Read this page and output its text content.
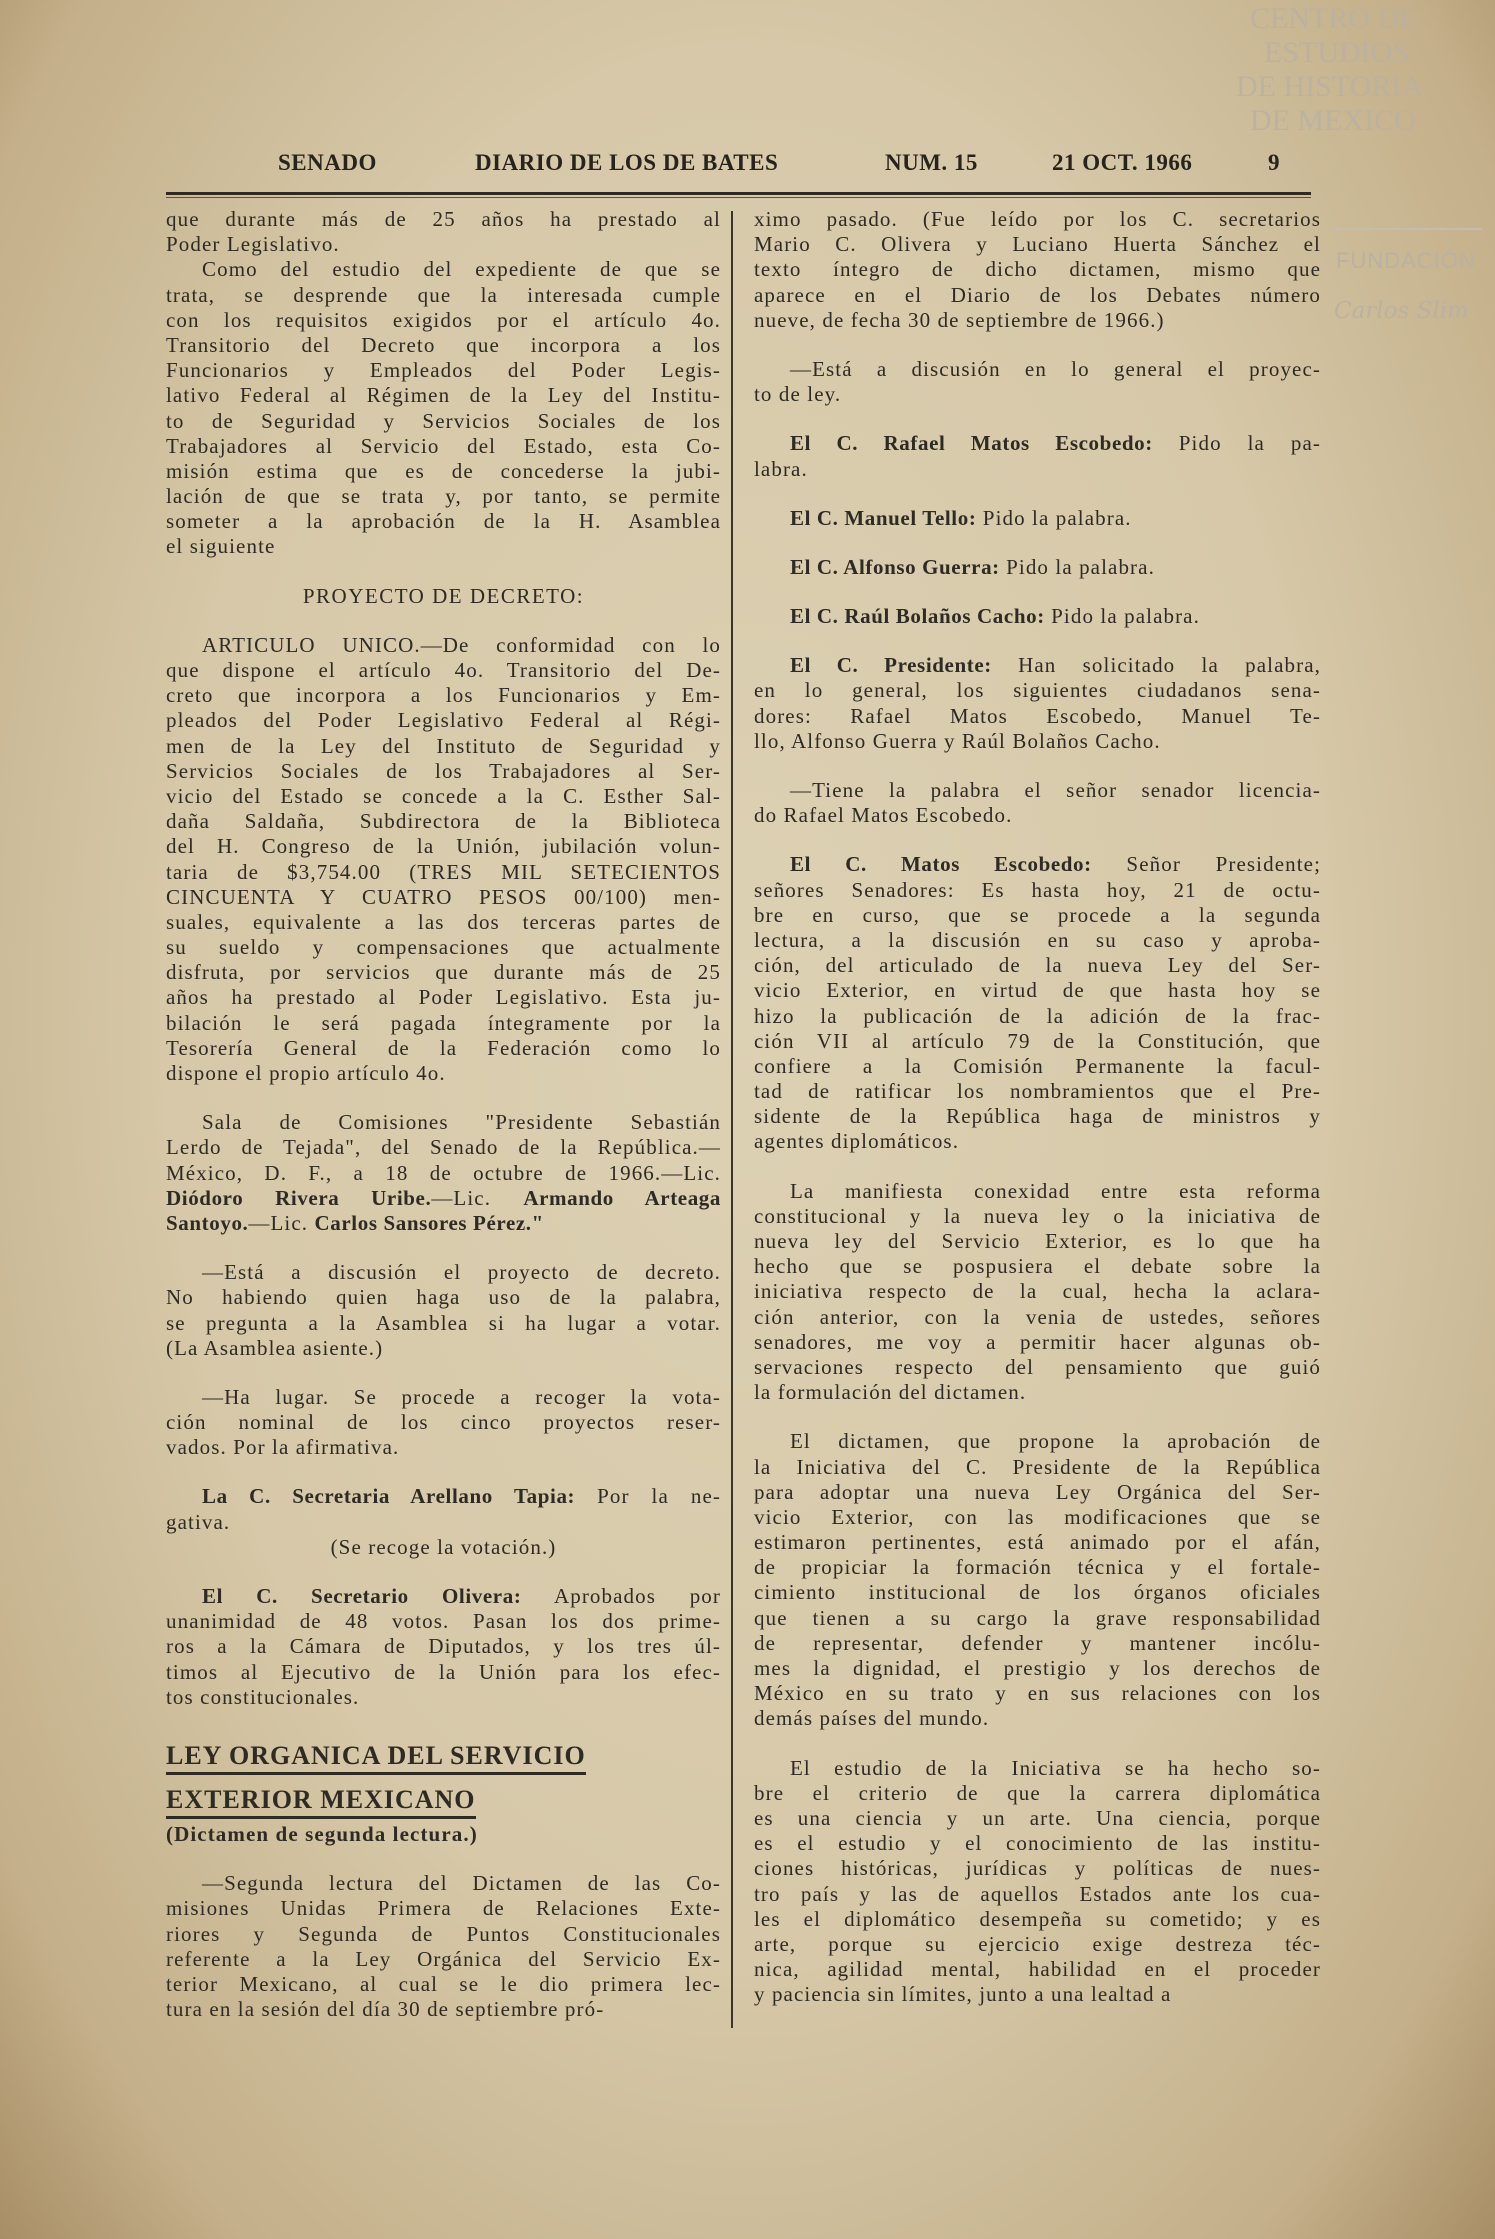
CENTRO DE
ESTUDIOS
DE HISTORIA
DE MEXICO
FUNDACIÓN
Carlos Slim
SENADO	DIARIO DE LOS DE BATES	NUM. 15	21 OCT. 1966	9
que durante más de 25 años ha prestado al
Poder Legislativo.
Como del estudio del expediente de que se
trata, se desprende que la interesada cumple
con los requisitos exigidos por el artículo 4o.
Transitorio del Decreto que incorpora a los
Funcionarios y Empleados del Poder Legis-
lativo Federal al Régimen de la Ley del Institu-
to de Seguridad y Servicios Sociales de los
Trabajadores al Servicio del Estado, esta Co-
misión estima que es de concederse la jubi-
lación de que se trata y, por tanto, se permite
someter a la aprobación de la H. Asamblea
el siguiente
PROYECTO DE DECRETO:
ARTICULO UNICO.—De conformidad con lo
que dispone el artículo 4o. Transitorio del De-
creto que incorpora a los Funcionarios y Em-
pleados del Poder Legislativo Federal al Régi-
men de la Ley del Instituto de Seguridad y
Servicios Sociales de los Trabajadores al Ser-
vicio del Estado se concede a la C. Esther Sal-
daña Saldaña, Subdirectora de la Biblioteca
del H. Congreso de la Unión, jubilación volun-
taria de $3,754.00 (TRES MIL SETECIENTOS
CINCUENTA Y CUATRO PESOS 00/100) men-
suales, equivalente a las dos terceras partes de
su sueldo y compensaciones que actualmente
disfruta, por servicios que durante más de 25
años ha prestado al Poder Legislativo. Esta ju-
bilación le será pagada íntegramente por la
Tesorería General de la Federación como lo
dispone el propio artículo 4o.
Sala de Comisiones "Presidente Sebastián
Lerdo de Tejada", del Senado de la República.—
México, D. F., a 18 de octubre de 1966.—Lic.
Diódoro Rivera Uribe.—Lic. Armando Arteaga
Santoyo.—Lic. Carlos Sansores Pérez."
—Está a discusión el proyecto de decreto.
No habiendo quien haga uso de la palabra,
se pregunta a la Asamblea si ha lugar a votar.
(La Asamblea asiente.)
—Ha lugar. Se procede a recoger la vota-
ción nominal de los cinco proyectos reser-
vados. Por la afirmativa.
La C. Secretaria Arellano Tapia: Por la ne-
gativa.
(Se recoge la votación.)
El C. Secretario Olivera: Aprobados por
unanimidad de 48 votos. Pasan los dos prime-
ros a la Cámara de Diputados, y los tres úl-
timos al Ejecutivo de la Unión para los efec-
tos constitucionales.
LEY ORGANICA DEL SERVICIO
EXTERIOR MEXICANO
(Dictamen de segunda lectura.)
—Segunda lectura del Dictamen de las Co-
misiones Unidas Primera de Relaciones Exte-
riores y Segunda de Puntos Constitucionales
referente a la Ley Orgánica del Servicio Ex-
terior Mexicano, al cual se le dio primera lec-
tura en la sesión del día 30 de septiembre pró-
ximo pasado. (Fue leído por los C. secretarios
Mario C. Olivera y Luciano Huerta Sánchez el
texto íntegro de dicho dictamen, mismo que
aparece en el Diario de los Debates número
nueve, de fecha 30 de septiembre de 1966.)
—Está a discusión en lo general el proyec-
to de ley.
El C. Rafael Matos Escobedo: Pido la pa-
labra.
El C. Manuel Tello: Pido la palabra.
El C. Alfonso Guerra: Pido la palabra.
El C. Raúl Bolaños Cacho: Pido la palabra.
El C. Presidente: Han solicitado la palabra,
en lo general, los siguientes ciudadanos sena-
dores: Rafael Matos Escobedo, Manuel Te-
llo, Alfonso Guerra y Raúl Bolaños Cacho.
—Tiene la palabra el señor senador licencia-
do Rafael Matos Escobedo.
El C. Matos Escobedo: Señor Presidente;
señores Senadores: Es hasta hoy, 21 de octu-
bre en curso, que se procede a la segunda
lectura, a la discusión en su caso y aproba-
ción, del articulado de la nueva Ley del Ser-
vicio Exterior, en virtud de que hasta hoy se
hizo la publicación de la adición de la frac-
ción VII al artículo 79 de la Constitución, que
confiere a la Comisión Permanente la facul-
tad de ratificar los nombramientos que el Pre-
sidente de la República haga de ministros y
agentes diplomáticos.
La manifiesta conexidad entre esta reforma
constitucional y la nueva ley o la iniciativa de
nueva ley del Servicio Exterior, es lo que ha
hecho que se pospusiera el debate sobre la
iniciativa respecto de la cual, hecha la aclara-
ción anterior, con la venia de ustedes, señores
senadores, me voy a permitir hacer algunas ob-
servaciones respecto del pensamiento que guió
la formulación del dictamen.
El dictamen, que propone la aprobación de
la Iniciativa del C. Presidente de la República
para adoptar una nueva Ley Orgánica del Ser-
vicio Exterior, con las modificaciones que se
estimaron pertinentes, está animado por el afán,
de propiciar la formación técnica y el fortale-
cimiento institucional de los órganos oficiales
que tienen a su cargo la grave responsabilidad
de representar, defender y mantener incólu-
mes la dignidad, el prestigio y los derechos de
México en su trato y en sus relaciones con los
demás países del mundo.
El estudio de la Iniciativa se ha hecho so-
bre el criterio de que la carrera diplomática
es una ciencia y un arte. Una ciencia, porque
es el estudio y el conocimiento de las institu-
ciones históricas, jurídicas y políticas de nues-
tro país y las de aquellos Estados ante los cua-
les el diplomático desempeña su cometido; y es
arte, porque su ejercicio exige destreza téc-
nica, agilidad mental, habilidad en el proceder
y paciencia sin límites, junto a una lealtad a
